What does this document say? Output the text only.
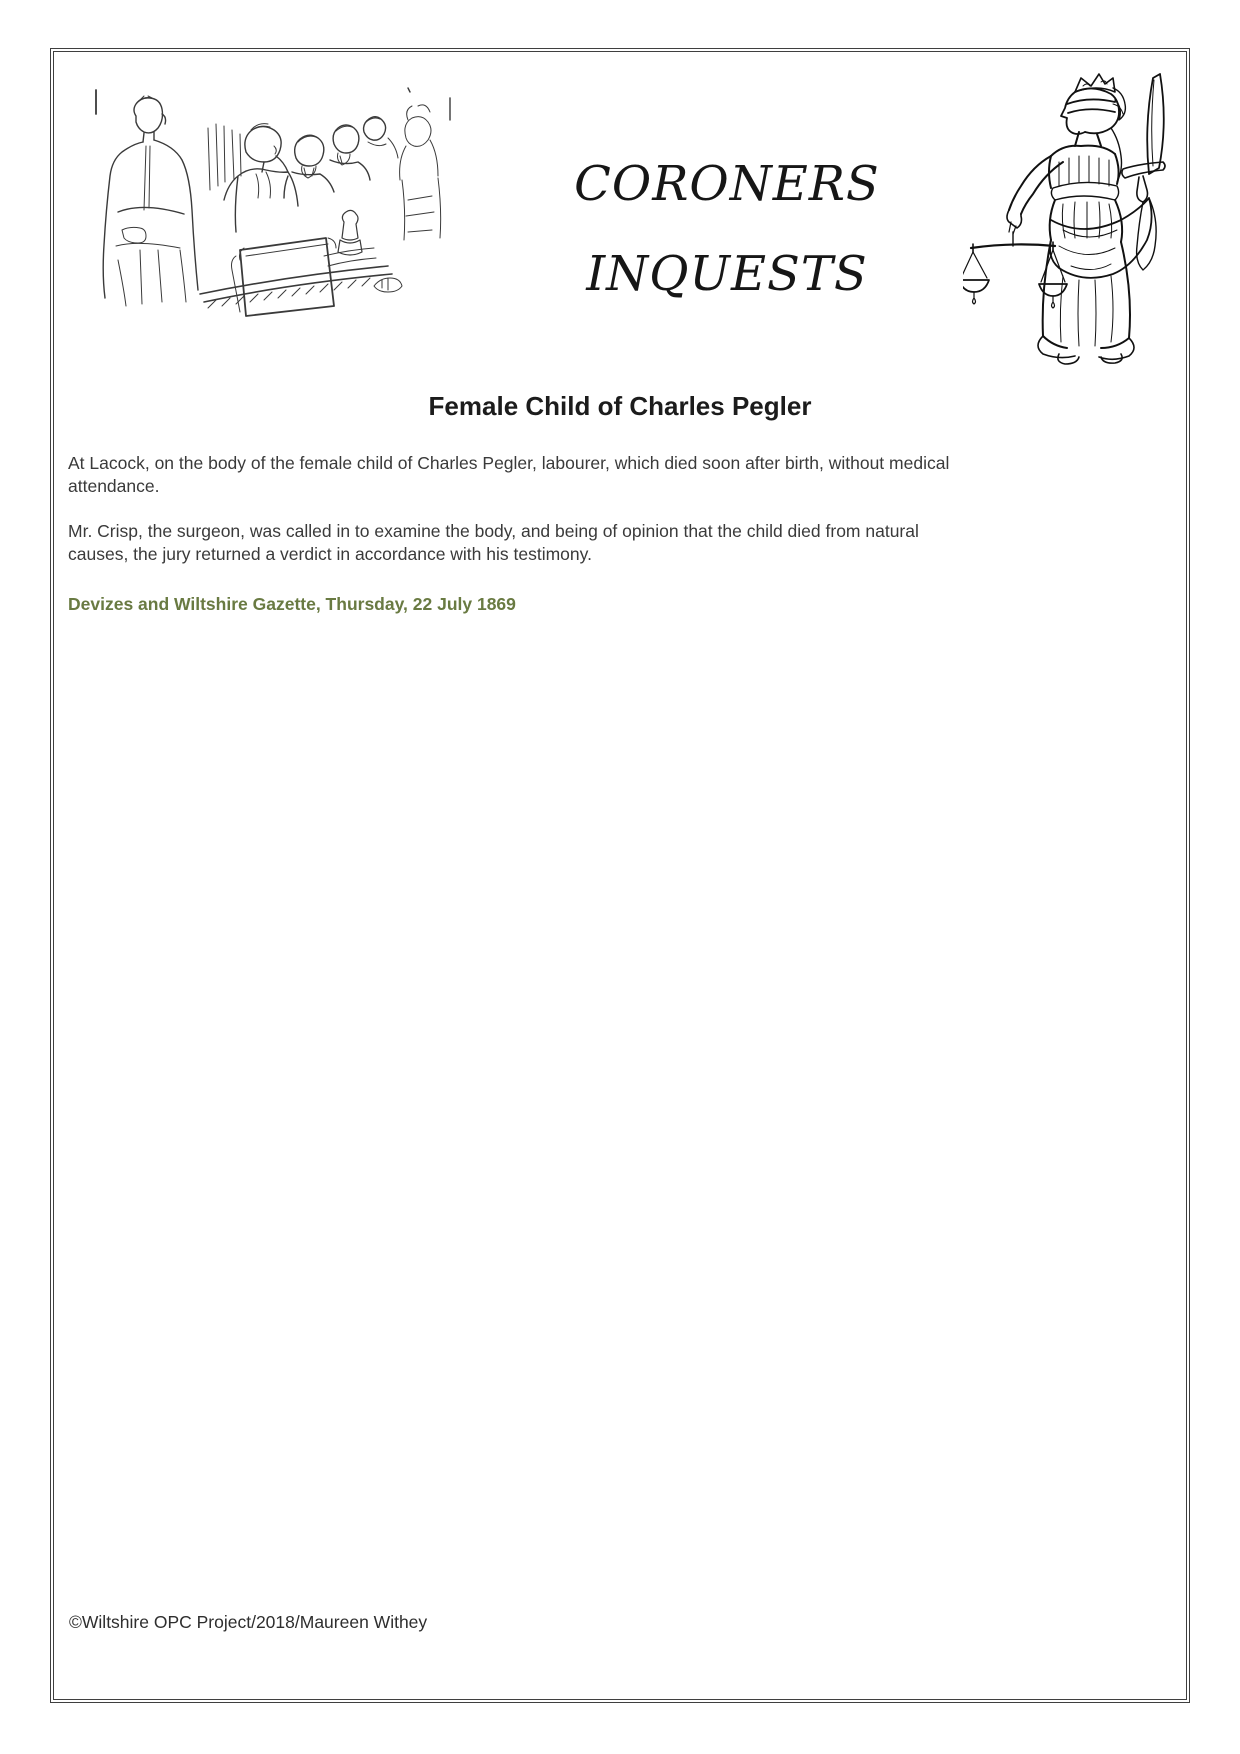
CORONERS
INQUESTS
Female Child of Charles Pegler
At Lacock, on the body of the female child of Charles Pegler, labourer, which died soon after birth, without medical
attendance.
Mr. Crisp, the surgeon, was called in to examine the body, and being of opinion that the child died from natural
causes, the jury returned a verdict in accordance with his testimony.
Devizes and Wiltshire Gazette, Thursday, 22 July 1869
©Wiltshire OPC Project/2018/Maureen Withey
